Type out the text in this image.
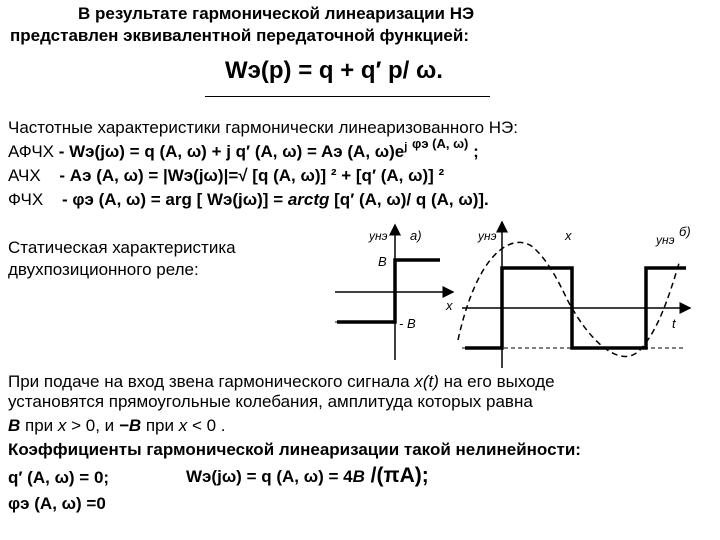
В результате гармонической линеаризации НЭ
представлен эквивалентной передаточной функцией:
Wэ(p) = q + q′ p/ ω.
Частотные характеристики гармонически линеаризованного НЭ:
АФЧХ - Wэ(jω) = q (A, ω) + j q′ (A, ω) = Aэ (A, $\omega)e^j$ $^{\varphi э (A, \omega)}$ ;
АЧХ - Aэ (A, ω) = |Wэ(jω)|=√ [q (A, ω)] ² + [q′ (A, ω)] ²
ФЧХ - φэ (A, ω) = arg [ Wэ(jω)] = arctg [q′ (A, ω)/ q (A, ω)].
Статическая характеристика
двухпозиционного реле:
yнэ a)
B
- B
x
yнэ	x	yнэ
б)
t
При подаче на вход звена гармонического сигнала x(t) на его выходе
установятся прямоугольные колебания, амплитуда которых равна
B при x > 0, и −B при x < 0 .
Коэффициенты гармонической линеаризации такой нелинейности:
q′ (A, ω) = 0;	Wэ(jω) = q (A, ω) = 4B /(πA);
φэ (A, ω) =0
